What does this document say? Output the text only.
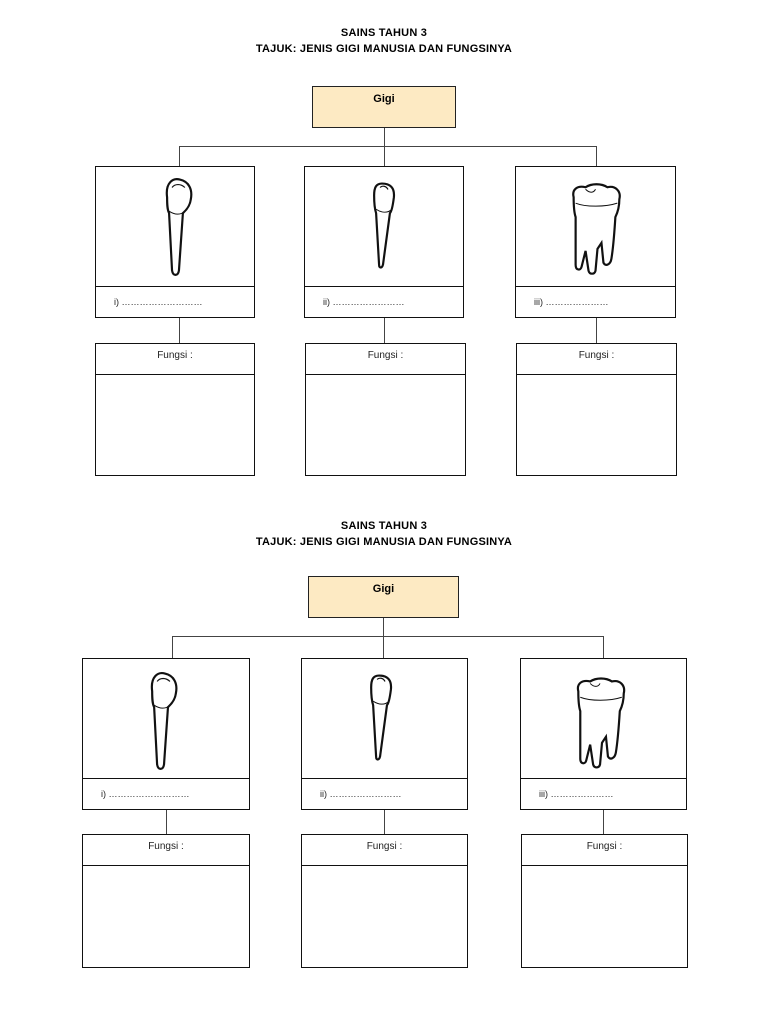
SAINS TAHUN 3
TAJUK: JENIS GIGI MANUSIA DAN FUNGSINYA
Gigi
i) ………………………	ii) ……………………	iii) …………………
Fungsi :	Fungsi :	Fungsi :
SAINS TAHUN 3
TAJUK: JENIS GIGI MANUSIA DAN FUNGSINYA
Gigi
i) ………………………	ii) ……………………	iii) …………………
Fungsi :	Fungsi :	Fungsi :
